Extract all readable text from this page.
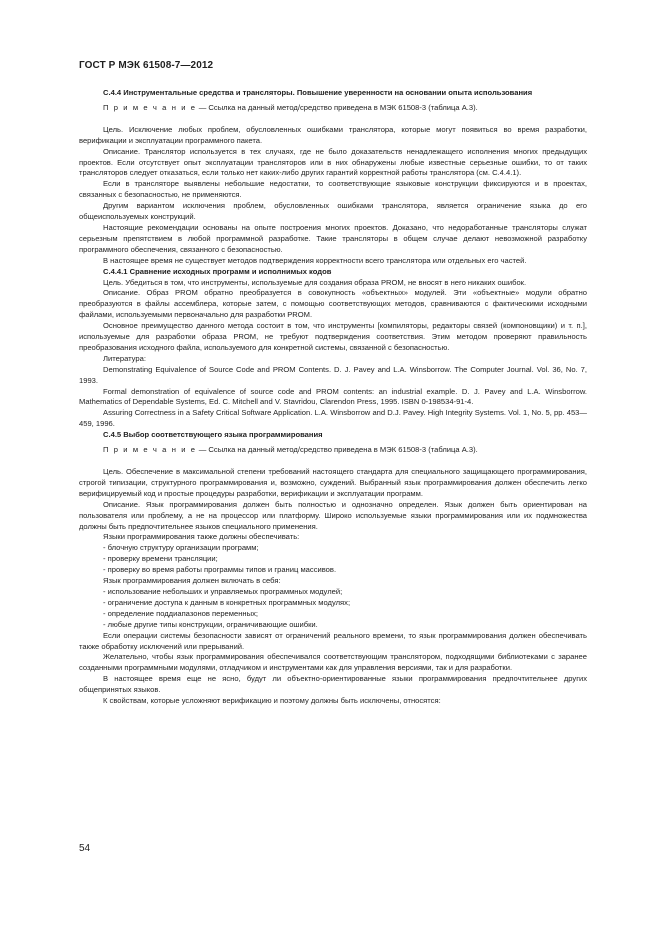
ГОСТ Р МЭК 61508-7—2012

C.4.4 Инструментальные средства и трансляторы. Повышение уверенности на основании опыта использования

П р и м е ч а н и е — Ссылка на данный метод/средство приведена в МЭК 61508-3 (таблица А.3).

Цель. Исключение любых проблем, обусловленных ошибками транслятора, которые могут появиться во время разработки, верификации и эксплуатации программного пакета.

Описание. Транслятор используется в тех случаях, где не было доказательств ненадлежащего исполнения многих предыдущих проектов. Если отсутствует опыт эксплуатации трансляторов или в них обнаружены любые известные серьезные ошибки, то от таких трансляторов следует отказаться, если только нет каких-либо других гарантий корректной работы транслятора (см. C.4.4.1).

Если в трансляторе выявлены небольшие недостатки, то соответствующие языковые конструкции фиксируются и в проектах, связанных с безопасностью, не применяются.

Другим вариантом исключения проблем, обусловленных ошибками транслятора, является ограничение языка до его общеиспользуемых конструкций.

Настоящие рекомендации основаны на опыте построения многих проектов. Доказано, что недоработанные трансляторы служат серьезным препятствием в любой программной разработке. Такие трансляторы в общем случае делают невозможной разработку программного обеспечения, связанного с безопасностью.

В настоящее время не существует методов подтверждения корректности всего транслятора или отдельных его частей.

C.4.4.1 Сравнение исходных программ и исполнимых кодов

Цель. Убедиться в том, что инструменты, используемые для создания образа PROM, не вносят в него никаких ошибок.

Описание. Образ PROM обратно преобразуется в совокупность «объектных» модулей. Эти «объектные» модули обратно преобразуются в файлы ассемблера, которые затем, с помощью соответствующих методов, сравниваются с фактическими исходными файлами, используемыми первоначально для разработки PROM.

Основное преимущество данного метода состоит в том, что инструменты [компиляторы, редакторы связей (компоновщики) и т. п.], используемые для разработки образа PROM, не требуют подтверждения соответствия. Этим методом проверяют правильность преобразования исходного файла, используемого для конкретной системы, связанной с безопасностью.

Литература:

Demonstrating Equivalence of Source Code and PROM Contents. D. J. Pavey and L.A. Winsborrow. The Computer Journal. Vol. 36, No. 7, 1993.

Formal demonstration of equivalence of source code and PROM contents: an industrial example. D. J. Pavey and L.A. Winsborrow. Mathematics of Dependable Systems, Ed. C. Mitchell and V. Stavridou, Clarendon Press, 1995. ISBN 0-198534-91-4.

Assuring Correctness in a Safety Critical Software Application. L.A. Winsborrow and D.J. Pavey. High Integrity Systems. Vol. 1, No. 5, pp. 453—459, 1996.

C.4.5 Выбор соответствующего языка программирования

П р и м е ч а н и е — Ссылка на данный метод/средство приведена в МЭК 61508-3 (таблица А.3).

Цель. Обеспечение в максимальной степени требований настоящего стандарта для специального защищающего программирования, строгой типизации, структурного программирования и, возможно, суждений. Выбранный язык программирования должен обеспечить легко верифицируемый код и простые процедуры разработки, верификации и эксплуатации программ.

Описание. Язык программирования должен быть полностью и однозначно определен. Язык должен быть ориентирован на пользователя или проблему, а не на процессор или платформу. Широко используемые языки программирования или их подмножества должны быть предпочтительнее языков специального применения.

Языки программирования также должны обеспечивать:

- блочную структуру организации программ;

- проверку времени трансляции;

- проверку во время работы программы типов и границ массивов.

Язык программирования должен включать в себя:

- использование небольших и управляемых программных модулей;

- ограничение доступа к данным в конкретных программных модулях;

- определение поддиапазонов переменных;

- любые другие типы конструкции, ограничивающие ошибки.

Если операции системы безопасности зависят от ограничений реального времени, то язык программирования должен обеспечивать также обработку исключений или прерываний.

Желательно, чтобы язык программирования обеспечивался соответствующим транслятором, подходящими библиотеками с заранее созданными программными модулями, отладчиком и инструментами как для управления версиями, так и для разработки.

В настоящее время еще не ясно, будут ли объектно-ориентированные языки программирования предпочтительнее других общепринятых языков.

К свойствам, которые усложняют верификацию и поэтому должны быть исключены, относятся:

54
